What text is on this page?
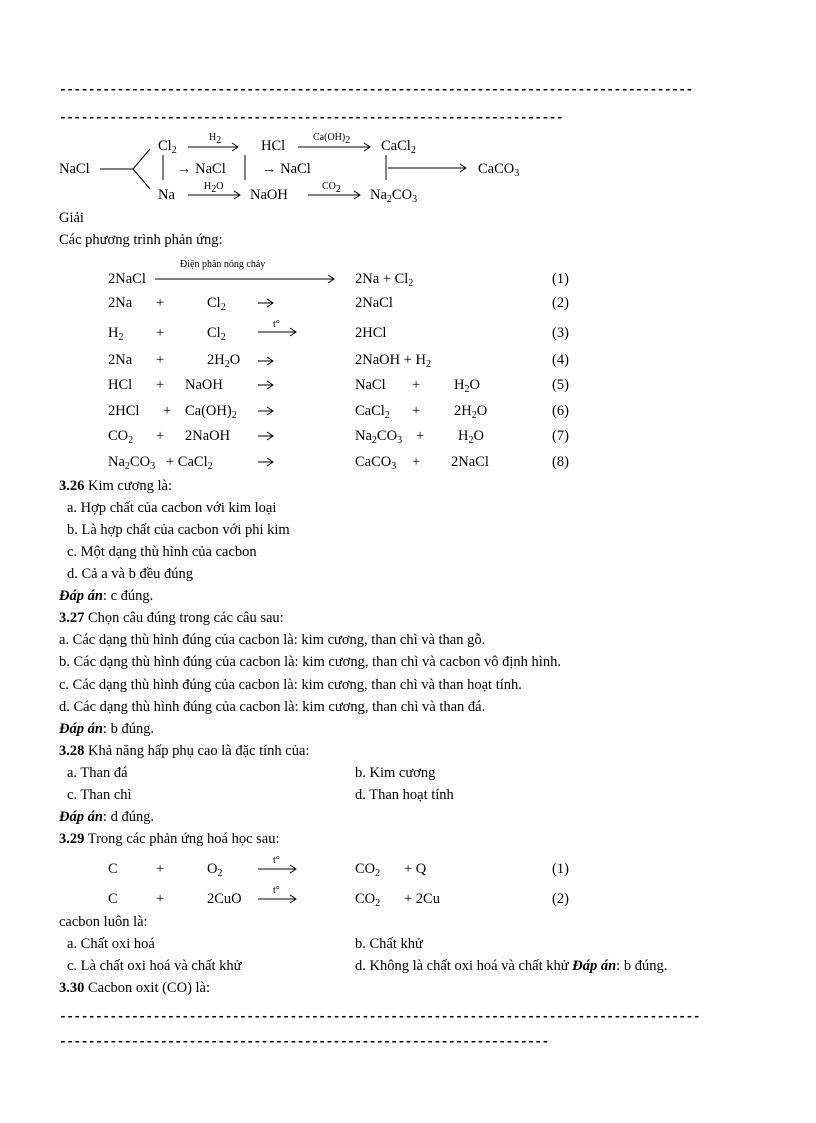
----------------------------------------------------------------------------------------
----------------------------------------------------------------------
NaCl
$Cl_2$
$H_2$	HCl
$Ca(OH)_2$ CaCl$_2$
→ NaCl	→ NaCl	CaCO$_3$
Na
$H_2O$
NaOH
$CO_2$ $Na_2CO_3$
Giải
Các phương trình phản ứng:
Điện phân nóng chảy
2NaCl	$2Na + Cl_2$	(1)
2Na +	$Cl_2$	2NaCl	(2)
t°
$H_2$ +	$Cl_2$	2HCl	(3)
2Na +	$2H_2O$	2NaOH + $H_2$	(4)
HCl + NaOH	NaCl + $H_2O$	(5)
$2HCl + Ca(OH)_2$	CaCl$_2$ + $2H_2O$	(6)
$CO_2$ + 2NaOH	$Na_2CO_3 + H_2O$	(7)
$Na_2CO_3$ + CaCl$_2$	CaCO$_3$ + 2NaCl	(8)
3.26 Kim cương là:
a. Hợp chất của cacbon với kim loại
b. Là hợp chất của cacbon với phi kim
c. Một dạng thù hình của cacbon
d. Cả a và b đều đúng
Đáp án: c đúng.
3.27 Chọn câu đúng trong các câu sau:
a. Các dạng thù hình đúng của cacbon là: kim cương, than chì và than gỗ.
b. Các dạng thù hình đúng của cacbon là: kim cương, than chì và cacbon vô định hình.
c. Các dạng thù hình đúng của cacbon là: kim cương, than chì và than hoạt tính.
d. Các dạng thù hình đúng của cacbon là: kim cương, than chì và than đá.
Đáp án: b đúng.
3.28 Khả năng hấp phụ cao là đặc tính của:
a. Than đá	b. Kim cương
c. Than chì	d. Than hoạt tính
Đáp án: d đúng.
3.29 Trong các phản ứng hoá học sau:
t°
C	+	$O_2$	$CO_2 + Q$	(1)
t°
C	+	2CuO	$CO_2 + 2Cu$	(2)
cacbon luôn là:
a. Chất oxi hoá	b. Chất khử
c. Là chất oxi hoá và chất khử	d. Không là chất oxi hoá và chất khử Đáp án: b đúng.
3.30 Cacbon oxit (CO) là:
-----------------------------------------------------------------------------------------
--------------------------------------------------------------------
